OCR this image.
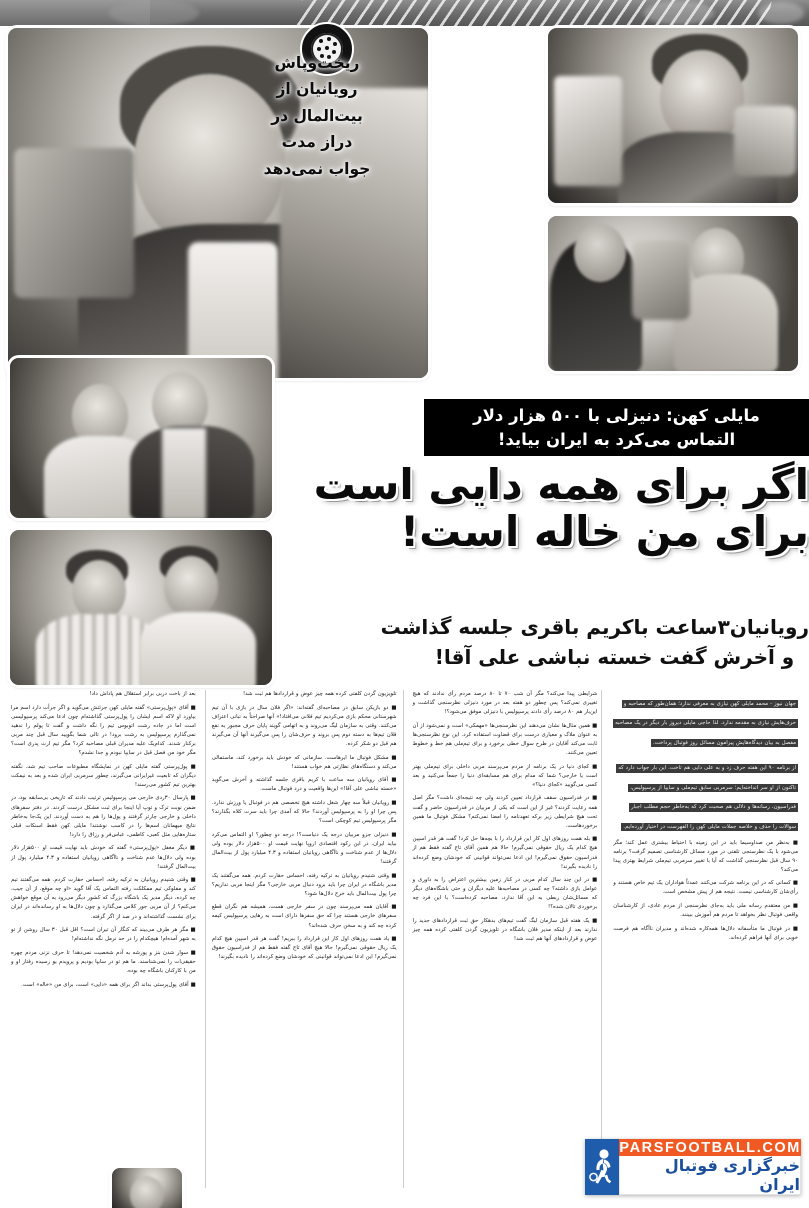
ریخت‌وپاش
رویانیان از
بیت‌المال در
دراز مدت
جواب نمی‌دهد
مایلی کهن: دنیزلی با ۵۰۰ هزار دلار
التماس می‌کرد به ایران بیاید!
اگر برای همه دایی است
برای من خاله است!
رویانیان۳ساعت باکریم باقری جلسه گذاشت
و آخرش گفت خسته نباشی علی آقا!

جهان نیوز - محمد مایلی کهن نیازی به معرفی ندارد؛ همان‌طور که مصاحبه و حرف‌هایش نیازی به مقدمه ندارد. لذا حاجی مایلی دیروز بار دیگر در یک مصاحبه مفصل به بیان دیدگاه‌هایش پیرامون مسائل روز فوتبال پرداخت.

از برنامه ۹۰ این هفته حرف زد و به علی دایی هم تاخت. این بار جواب دارد که تاکنون از او سر انداخته‌ایم؛ سرمربی سابق تیم‌ملی و سایپا از پرسپولیس، فدراسیون، رسانه‌ها و دلالی هم صحبت کرد که به‌خاطر حجم مطلب اجبار سوالات را حذف و خلاصه جملات مایلی کهن را الفهرست در اختیار آورده‌ایم.

■ به‌نظر من صداوسیما باید در این زمینه با احتیاط بیشتری عمل کند؛ مگر می‌شود با یک نظرسنجی تلفنی در مورد مسائل کارشناسی تصمیم گرفت؟ برنامه ۹۰ سال قبل نظرسنجی گذاشت که آیا با تغییر سرمربی تیم‌ملی شرایط بهتری پیدا می‌کند؟

■ کسانی که در این برنامه شرکت می‌کنند عمدتاً هواداران یک تیم خاص هستند و رأی‌شان کارشناسی نیست. نتیجه هم از پیش مشخص است.

■ من معتقدم رسانه ملی باید به‌جای نظرسنجی از مردم عادی، از کارشناسان واقعی فوتبال نظر بخواهد تا مردم هم آموزش ببینند.

■ در فوتبال ما متأسفانه دلال‌ها همه‌کاره شده‌اند و مدیران ناآگاه هم فرصت خوبی برای آنها فراهم کرده‌اند.

شرایطی پیدا می‌کند؟ مگر آن شب ۷۰ تا ۸۰ درصد مردم رأی ندادند که هیچ تغییری نمی‌کند؟ پس چطور دو هفته بعد در مورد دنیزلی نظرسنجی گذاشت و این‌بار هم ۸۰ درصد رأی دادند پرسپولیس با دنیزلی موفق می‌شود؟!

■ همین مثال‌ها نشان می‌دهند این نظرسنجی‌ها «مهمکی» است و نمی‌شود از آن به عنوان ملاک و معیاری درست برای قضاوت استفاده کرد. این نوع نظرسنجی‌ها ثابت می‌کند آقایان در طرح سوال خطی برخورد و برای تیم‌ملی هم خط و خطوط تعیین می‌کنند.

■ کجای دنیا در یک برنامه از مردم می‌پرسند مربی داخلی برای تیم‌ملی بهتر است یا خارجی؟ شما که مدام برای هم مسابقه‌ای دنیا را جمعاً می‌کنید و بعد کسی می‌گویید «کجای دنیا؟»

■ در فدراسیون سقف قرارداد تعیین کردند ولی چه نتیجه‌ای داشت؟ مگر اصل همه رعایت کردند؟ غیر از این است که یکی از مربیان در فدراسیون حاضر و گفت تحت هیچ شرایطی زیر برکه تعهدنامه را امضا نمی‌کنم؟ مشکل فوتبال ما همین برخوردهاست.

■ بله همت روزهای اول کار این قرارداد را با بچه‌ها حل کرد! گفت هر قدر اسپین هیچ کدام یک ریال حقوقی نمی‌گیرم! حالا هم همین آقای تاج گفته فقط هم از فدراسیون حقوق نمی‌گیرم! این ادعا نمی‌تواند قوانینی که خودشان وضع کرده‌اند را نادیده بگیرند!

■ در این چند سال کدام مربی در کنار زمین بیشترین اعتراض را به داوری و عوامل بازی داشته؟ چه کسی در مصاحبه‌ها علیه دیگران و حتی باشگاه‌های دیگر که مسائل‌شان ربطی به این آقا ندارد، مصاحبه کرده‌است؟ با این فرد چه برخوردی تالان شده؟!

■ یک هفته قبل سازمان لیگ گفت تیم‌های بدهکار حق ثبت قراردادهای جدید را ندارند بعد از اینکه مدیر فلان باشگاه در تلویزیون گردن کلفتی کرده همه چیز عوض و قراردادهای آنها هم ثبت شد!

تلویزیون گردن کلفتی کرده همه چیز عوض و قراردادها هم ثبت شد!

■ دو بازیکن سابق در مصاحبه‌ای گفته‌اند: «اگر فلان سال در بازی با آن تیم شهرستانی محکم بازی می‌کردیم تیم فلانی می‌افتاد!» آنها صراحتاً به تبانی اعتراف می‌کنند. وقتی به سازمان لیگ می‌روند و به اتهامی گویند پایان حرف مجبور به نفع قلان تیم‌ها به دسته دوم پس بروند و حرف‌شان را پس می‌گیرند آنها آن می‌گیرند هم قبل دو شکر کرده.

■ مشکل فوتبال ما ایرهاست. سازمانی که خودش باید برخورد کند، ماستمالی می‌کند و دستگاه‌های نظارتی هم خواب هستند!

■ آقای رویانیان سه ساعت با کریم باقری جلسه گذاشته و آخرش می‌گوید «خسته نباشی علی آقا!» این‌ها واقعیت و درد فوتبال ماست.

■ رویانیان قبلاً سه چهار شغل داشته هیچ تخصصی هم در فوتبال یا ورزش ندارد. پس چرا او را به پرسپولیس آوردند؟ حالا که آمدی چرا باید سرت کلاه بگذارند؟ مگر پرسپولیس تیم کوچکی است؟

■ دنیزلی جزو مربیان درجه یک دنیاست؟! درجه دو چطور؟ او التماس می‌کرد بیاید ایران. در این رکود اقتصادی اروپا نهایت قیمت او ۵۰۰هزار دلار بوده ولی دلال‌ها از عدم شناخت و ناآگاهی رویانیان استفاده و ۴.۳ میلیارد پول از بیت‌المال گرفتند!

■ وقتی شنیدم رویانیان به ترکیه رفته، احساس حقارت کردم. همه می‌گفتند یک مدیر باشگاه در ایران چرا باید برود دنبال مربی خارجی؟ مگر اینجا مربی نداریم؟ چرا پول بیت‌المال باید خرج دلال‌ها شود؟

■ آقایان همه می‌پرسند چون در سفر خارجی هست، همیشه هم نگران قطع سفرهای خارجی هستند چرا که حق سفرها دارای است به رهایی پرسپولیس کیمه کرده چه کند و به سخن حرف شده‌اند؟

■ یاد همت روزهای اول کار این قرارداد را ببریم! گفت هر قدر اسپین هیچ کدام یک ریال حقوقی نمی‌گیرم! حالا هیچ آقای تاج گفته فقط هم از فدراسیون حقوق نمی‌گیرم! این ادعا نمی‌تواند قوانینی که خودشان وضع کرده‌اند را نادیده بگیرند!

بعد از باخت دربی برابر استقلال هم پاداش داد!

■ آقای «پول‌پرستی» گفته مایلی کهن جرئتش می‌گوید و اگر جرأت دارد اسم مرا بیاورد او لاکه اسم ایشان را پول‌پرستی گذاشته‌ام چون ادعا می‌کند پرسپولیسی است اما در جاده رشت اتوبوس تیم را نگه داشت و گفت تا پولم را ندهید نمی‌گذارم پرسپولیس به رشت برود! در تالی شما بگویید سال قبل چند مربی برکنار شدند. کدام‌یک علیه مدیران قبلی مصاحبه کرد؟ مگر تیم ارث پدری است؟ مگر خود من فصل قبل در سایپا نبودم و جدا نشدم؟

■ پول‌پرستی گفته مایلی کهن در نمایشگاه مطبوعات صاحب تیم شد، نگفته دیگران که تابعیت غیرایرانی می‌گیرند، چطور سرمربی ایران شده و بعد به نیمکت بهترین تیم کشور می‌رسند!

■ پارسال ۳۰ردی خارجی می پرسپولیس ترتیب دادند که تاریخی بی‌سابقه بود، در ضمن نوبت ترک و توپ آیا اینجا برای ثبت مشکل درست کردند. در دفتر سفرهای داخلی و خارجی چارتر گرفتند و پول‌ها را هم به دست آوردند. این یک‌جا به‌خاطر نتایج میهمانان اسم‌ها را در کاسب نوشتند! مایلی کهن فقط اسنکات قبلی ستاره‌هایی مثل کعبی، کاظمی، عباس‌فر و رزاق را دارد!

■ دیگر مغفل «پول‌پرستی» گفته که خودش باید نهایت قیمت او ۵۰۰هزار دلار بوده ولی دلال‌ها عدم شناخت و ناآگاهی رویانیان استفاده و ۴.۳ میلیارد پول از بیت‌المال گرفتند!

■ وقتی شنیدم رویانیان به ترکیه رفته، احساس حقارت کردم. همه می‌گفتند تیم کند و مفلوکی تیم ممکلکت رفته التماس یک آقا گوید «او چه موقع، از آن جیب، چه کرده، دیگر مدیر یک باشگاه بزرگ که کشور دیگر می‌رود به آن موقع خواهش می‌کنم؟ از آن مربی جور کلاس می‌گذارد و چون دلال‌ها به او رسانده‌اند در ایران برای نشست گذاشته‌اند و در صد از اگر گرفته.

■ مگر هر طرف می‌بیند که کنگار آن تیران است؟ اقل قبل ۳۰ سال روشن از تو به شهر آمده‌ام! هیچکدام را در حد نرمل نگه نداشته‌ام!

■ سوار شدن بنز و پورشه به آدم شخصیت نمی‌دهد! تا حرف نزنی مردم چهره حقیقی‌ات را نمی‌شناسند. ما هم تو در سایپا بودیم و پرویدم یو رسیده رفتار او و من با کارکنان باشگاه چه بوده.

■ آقای پول‌پرستی بداند اگر برای همه «دایی» است، برای من «خاله» است.

PARSFOOTBALL.COM
خبرگزاری فوتبال ایران
